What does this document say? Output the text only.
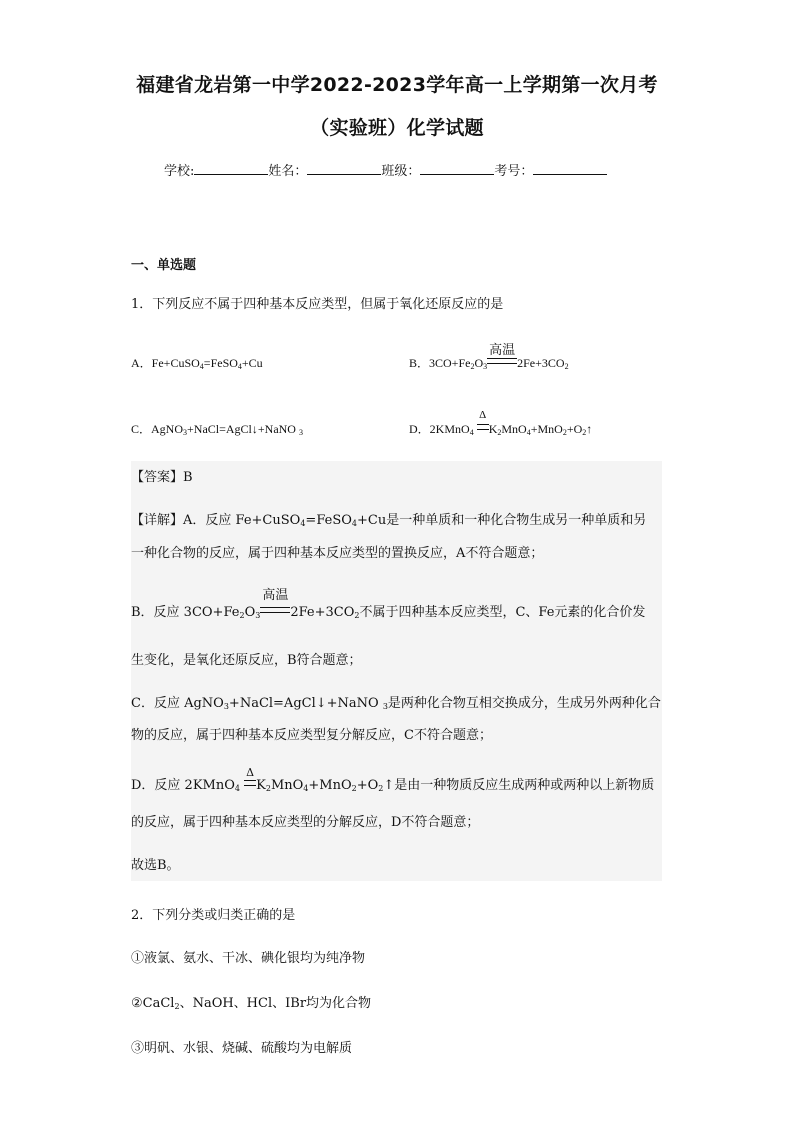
福建省龙岩第一中学2022-2023学年高一上学期第一次月考
（实验班）化学试题
学校:	姓名：	班级：	考号：
一、单选题
1．下列反应不属于四种基本反应类型，但属于氧化还原反应的是
A．Fe+CuSO$_4$=FeSO$_4$+Cu	B．$3CO+Fe_2O_3$
高温
$2Fe+3CO_2$
C．AgNO$_3$+NaCl=AgCl↓+NaNO $_3$	D．2KMnO$_4$
Δ
$K_2MnO_4+MnO_2+O_2↑$
【答案】B
【详解】A．反应 Fe+CuSO$_4$=FeSO$_4$+Cu是一种单质和一种化合物生成另一种单质和另
一种化合物的反应，属于四种基本反应类型的置换反应，A不符合题意；
B．反应 $3CO+Fe_2O_3$
高温
$2Fe+3CO_2$不属于四种基本反应类型，C、Fe元素的化合价发
生变化，是氧化还原反应，B符合题意；
C．反应 AgNO$_3$+NaCl=AgCl↓+NaNO $_3$是两种化合物互相交换成分，生成另外两种化合
物的反应，属于四种基本反应类型复分解反应，C不符合题意；
D．反应 2KMnO$_4$
Δ
$K_2MnO_4+MnO_2+O_2↑$是由一种物质反应生成两种或两种以上新物质
的反应，属于四种基本反应类型的分解反应，D不符合题意；
故选B。
2．下列分类或归类正确的是
①液氯、氨水、干冰、碘化银均为纯净物
②CaCl$_2$、NaOH、HCl、IBr均为化合物
③明矾、水银、烧碱、硫酸均为电解质
